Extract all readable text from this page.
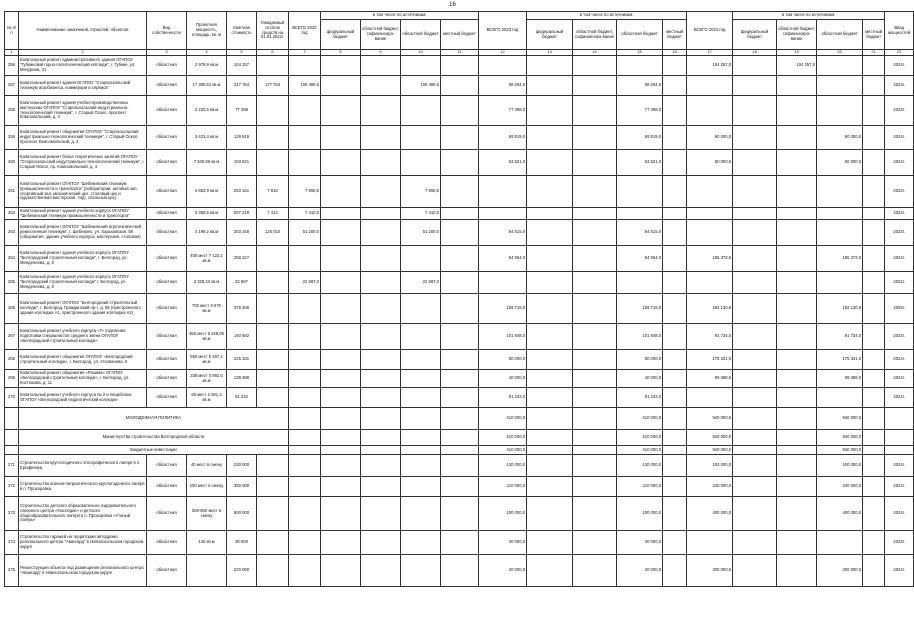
16
№ п/п	Наименование заказчиков, отраслей, объектов	Вид собственности	Проектная мощность, площадь, кв. м	Сметная стоимость	Ожидаемый остаток средств на 01.01.2022г.	ВСЕГО 2022 год	в том числе по источникам:				ВСЕГО 2023 год	в том числе по источникам:				ВСЕГО 2024 год	в том числе по источникам:				Ввод мощностей
							федеральный бюджет	областной бюджет, софинансиро-вание	областной бюджет	местный бюджет		федеральный бюджет	областной бюджет, софинансиро-вание	областной бюджет	местный бюджет		федеральный бюджет	областной бюджет, софинансиро-вание	областной бюджет	местный бюджет	
1	2	3	4	5	6	7	8	9	10	11	12	13	14	15	16	17	18	19	20	21	22
256	Капитальный ремонт административного здания ОГАПОУ "Губкинский горно-политехнический колледж", г. Губкин, ул. Мичурина, 21	областная	2 979,9 кв.м	104 257												104 257,0		104 257,0			2024г.
257	Капитальный ремонт здания ОГАПОУ "Старооскольский техникум агробизнеса, коммерции и сервиса"	областная	17 380,61 кв.м	217 754	177 754	109 489,5			109 489,5		68 264,5			68 264,5							2023г.
258	Капитальный ремонт здания учебно-производственных мастерских ОГАПОУ "Старооскольский индустриально-технологический техникум", г. Старый Оскол, проспект Комсомольский, д. 4	областная	2 220,6 кв.м	77 398							77 398,0			77 398,0							2023г.
259	Капитальный ремонт общежития ОГАПОУ "Старооскольский индустриально-технологический техникум", г. Старый Оскол, проспект Комсомольский, д. 4	областная	3 423,4 кв.м	129 819							69 819,0			69 819,0		60 000,0			60 000,0		2024г.
260	Капитальный ремонт блока теоретических занятий ОГАПОУ "Старооскольский индустриально-технологический техникум", г. Старый Оскол, пр. Комсомольский, д. 4	областная	7 340,59 кв.м	103 921							53 921,0			53 921,0		50 000,0			50 000,0		2024г.
261	Капитальный ремонт ОГАПОУ "Шебекинский техникум промышленности и транспорта" (лаборатории, актовый зал, спортивный зал, механический цех, столовый цех и художественная мастерская, тир), спальный цех)	областная	4 863,9 кв.м	253 161	7 910	7 908,5			7 908,5												2022г.
262	Капитальный ремонт здания учебного корпуса ОГАПОУ "Шебекинский техникум промышленности и транспорта"	областная	3 359,6 кв.м	507 218	7 413	7 410,5			7 410,5												2022г.
263	Капитальный ремонт ОГАПОУ "Шебекинский агротехнический ремесленный техникум", г. Шебекино, ул. Харьковская, 59 (общежитие, здание учебного корпуса, мастерские, столовая)	областная	4 199,2 кв.м	203 348	125 010	51 200,0			51 200,0		64 615,0			64 615,0							2023г.
264	Капитальный ремонт здания учебного корпуса ОГАПОУ "Белгородский строительный колледж", г. Белгород, ул. Менделеева, д. 6	областная	400 мест 7 122,2 кв.м	250 327							64 954,0			64 954,0		185 373,0			185 373,0		2024г.
265	Капитальный ремонт здания учебного корпуса ОГАПОУ "Белгородский строительный колледж" г. Белгород, ул. Менделеева, д. 6	областная	3 328,43 кв.м	22 997		22 997,0			22 997,0												2022г.
266	Капитальный ремонт ОГАПОУ "Белгородский строительный колледж", г. Белгород, Гражданский пр-т, д. 56 (пристроенного здания колледжа А1, пристроенного здания колледжа А2)	областная	700 мест 8 670 кв.м	378 459							109 719,0			109 719,0		182 130,9			182 130,9		2025г.
267	Капитальный ремонт учебного корпуса «Г» отделения подготовки специалистов среднего звена ОГАПОУ «Белгородский строительный колледж»	областная	350 мест 9 248,05 кв.м	193 682							101 948,0			101 948,0		91 734,0			91 734,0		2024г.
268	Капитальный ремонт общежития ОГАПОУ «Белгородский строительный колледж», г. Белгород, ул. Углованова, 6	областная	550 мест 5 497,2 кв.м	225 331							50 000,0			50 000,0		175 331,0			175 331,0		2024г.
269	Капитальный ремонт общежития «Рахима» ОГАПОУ «Белгородский строительный колледж», г. Белгород, ул. Костюкова, д. 11	областная	338 мест 3 992,5 кв.м	139 388							40 000,0			40 000,0		99 388,0			99 388,0		2024г.
270	Капитальный ремонт учебного корпуса № 2 и пищеблока ОГАПОУ «Белгородский педагогический колледж»	областная	60 мест 2 091,3 кв.м	81 232							81 232,0			81 232,0							2024г.
	МОЛОДЕЖНАЯ ПОЛИТИКА										410 000,0			410 000,0		940 000,0			940 000,0		
	Министерство строительства Белгородской области										410 000,0			410 000,0		940 000,0			940 000,0		
	Бюджетные инвестиции										410 000,0			410 000,0		940 000,0			940 000,0		
271	Строительство круглогодичного этнографического лагеря в п. Ерофеевка	областная	40 мест в смену	230 000							130 000,0			130 000,0		100 000,0			100 000,0		2024г.
272	Строительство военно-патриотического круглогодичного лагеря в п. Прохоровка	областная	200 мест в смену	350 000							110 000,0			110 000,0		240 000,0			240 000,0		2024г.
273	Строительство детского образовательно-оздоровительного лагерного центра «Наследие» и детского общеобразовательного лагеря в п. Прохоровка «Утиный лагерь»	областная	300-600 мест в смену	500 000							100 000,0			100 000,0		400 000,0			400 000,0		2024г.
274	Строительство гаражей на территории автодрома регионального центра "Авангард" в Новооскольском городском округе	областная	140 кв.м	30 000							30 000,0			30 000,0							2023г.
275	Реконструкция объекта под размещение регионального центра "Авангард" в Новооскольском городском округе	областная		220 000							20 000,0			20 000,0		200 000,0			200 000,0		2024г.
